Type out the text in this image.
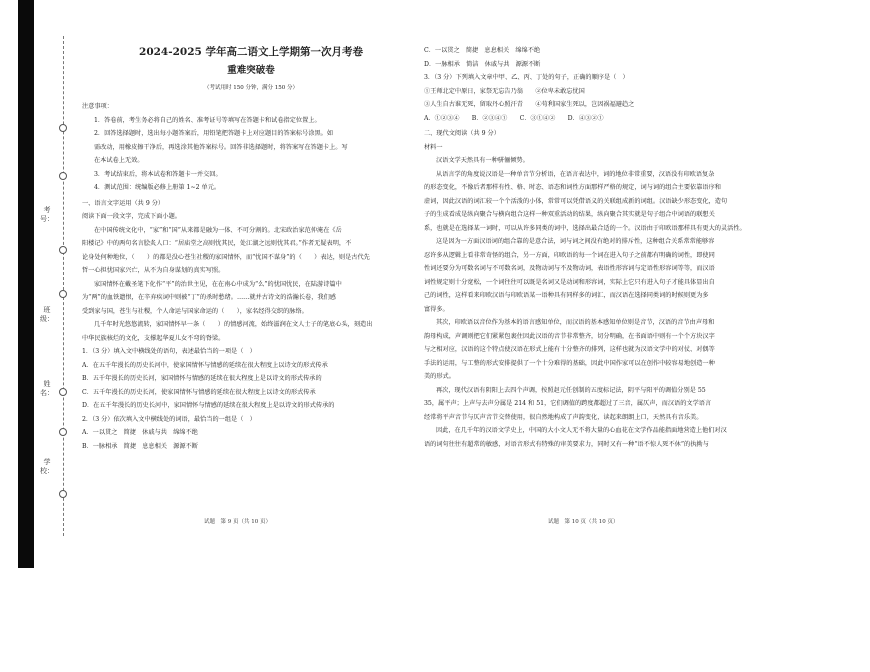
考号：
班级：
姓名：
学校：
2024-2025 学年高二语文上学期第一次月考卷
重难突破卷
（考试用时 150 分钟，满分 150 分）

注意事项：

1．答卷前，考生务必将自己的姓名、准考证号等填写在答题卡和试卷指定位置上。

2．回答选择题时，选出每小题答案后，用铅笔把答题卡上对应题目的答案标号涂黑。如

需改动，用橡皮擦干净后，再选涂其他答案标号。回答非选择题时，将答案写在答题卡上。写

在本试卷上无效。

3．考试结束后，将本试卷和答题卡一并交回。

4．测试范围：统编版必修上册第 1~2 单元。

一、语言文字运用（共 9 分）

阅读下面一段文字，完成下面小题。

在中国传统文化中，“家”和“国”从来都是融为一体、不可分割的。北宋政治家范仲淹在《岳

阳楼记》中的两句名言脍炙人口：“居庙堂之高则忧其民，处江湖之远则忧其君。”作者无疑表明，不

论身处何种地位，（　　）的都是没心苍生社稷的家国情怀，而“忧国不谋身”的（　　）表达，则是古代先

哲一心担忧国家兴亡，从不为自身谋划的真实写照。

家国情怀在戴圣笔下化作“平”的治世主见，在在南心中成为“么”的忧国忧民，在陆游诗篇中

为“两”的血铁遗恨，在辛弃疾词中则被“丁”的杀时愁绪。……就并古诗文的浩瀚长卷，我们感

受到家与国，苍生与社稷，个人命运与国家命运的（　　），家名经得交织的脉络。

几千年时光悠悠流转，家国情怀早一条（　　）的情感河流，始终滋润在文人士子的笔底心头，刻造出

中华民族核烂的文化，支撑起华夏儿女不弯的脊梁。

1．（3 分）填入文中横线处的语句，表述最恰当的一项是（　）

A．在五千年漫长的历史长河中，使家国情怀与情感的延续在很大程度上以诗文的形式传承

B．五千年漫长的历史长河，家国情怀与情感的延续在很大程度上是以诗文的形式传承的

C．五千年漫长的历史长河，使家国情怀与情感的延续在很大程度上以诗文的形式传承

D．在五千年漫长的历史长河中，家国情怀与情感的延续在很大程度上是以诗文的形式传承的

2．（3 分）依次填入文中横线处的词语，最恰当的一组是（　）

A．一以贯之　简捷　休戚与共　绵绵不绝

B．一脉相承　简捷　息息相关　源源不断

试题　第 9 页（共 10 页）

C．一以贯之　简捷　息息相关　绵绵不绝

D．一脉相承　简洁　休戚与共　源源不断

3．（3 分）下列填入文章中甲、乙、丙、丁处的句子，正确的顺序是（　）

①王师北定中原日，家祭无忘告乃翁　　②位卑未敢忘忧国

③人生自古谁无死，留取丹心照汗青　　④苟利国家生死以，岂因祸福避趋之

A．①②③④　　B．②③④①　　C．③①④②　　D．④③②①

二、现代文阅读（共 9 分）

材料一

汉语文学天然具有一种骈俪倾势。

从语言学的角度说汉语是一种单音节分析语，在语言表达中，词的地位非常重要，汉语没有印欧语复杂

的形态变化，不像后者那样有性、格、时态、语态和词性方面那样严格的规定，词与词的组合主要依靠语序和

虚词，因此汉语的词汇较一个个活泼的小体，常常可以凭借语义的关联组成新的词组。汉语缺少形态变化，造句

子的生成看成是纵向聚合与横向组合这样一种双重活动的结果，纵向聚合其实就是句子组合中词语的联想关

系，也就是在选择某一词时，可以从许多同类的词中，选择出最合适的一个。汉语由于印欧语那样具有更大的灵活性。

这是因为一方面汉语词的组合靠的是意合法，词与词之间没有绝对的排斥性，这种组合关系常常能够容

忍许多从逻辑上看非常奇怪的组合，另一方面，印欧语的每一个词在进入句子之前都有明确的词性，即使同

性词还要分为可数名词与不可数名词，及物动词与不及物动词，表语性形容词与定语性形容词等等，而汉语

词性规定则十分宽松，一个词往往可以既是名词又是动词和形容词，实际上它只有进入句子才能具体显出自

己的词性，这样看来印欧汉语与印欧语某一语种具有同样多的词汇，而汉语在选择同类词的时候则更为多

富得多。

其次，印欧语以音位作为基本的语言感知单位，而汉语的基本感知单位则是音节，汉语的音节由声母和

韵母构成，声调则把它们紧紧包裹住因此汉语的音节非常整齐，切分明确，在书面语中则有一个个方块汉字

与之相对应，汉语的这个特点使汉语在形式上能有十分整齐的排列，这样也就为汉语文学中的对仗、对偶等

手法的运用，与工整的形式安排提供了一个十分难得的基础，因此中国作家可以在创作中较容易地创造一种

美的形式。

再次，现代汉语有阴阳上去四个声调，按照赵元任创制的五度标记法，阴平与阳平的调值分别是 55

35，属平声；上声与去声分属是 214 和 51，它们调值的跨度都超过了三音，属仄声，而汉语的文学语言

经常将平声音节与仄声音节交替使用，很自然地构成了声韵变化，读起来朗朗上口，天然具有音乐美。

因此，在几千年的汉语文学史上，中国的大小文人无不将大量的心血花在文学作品能指面地营造上他们对汉

语的词句往往有超常的敏感，对语音形式有特殊的审美要求力，同时又有一种“语不惊人死不休”的执拗与

试题　第 10 页（共 10 页）
